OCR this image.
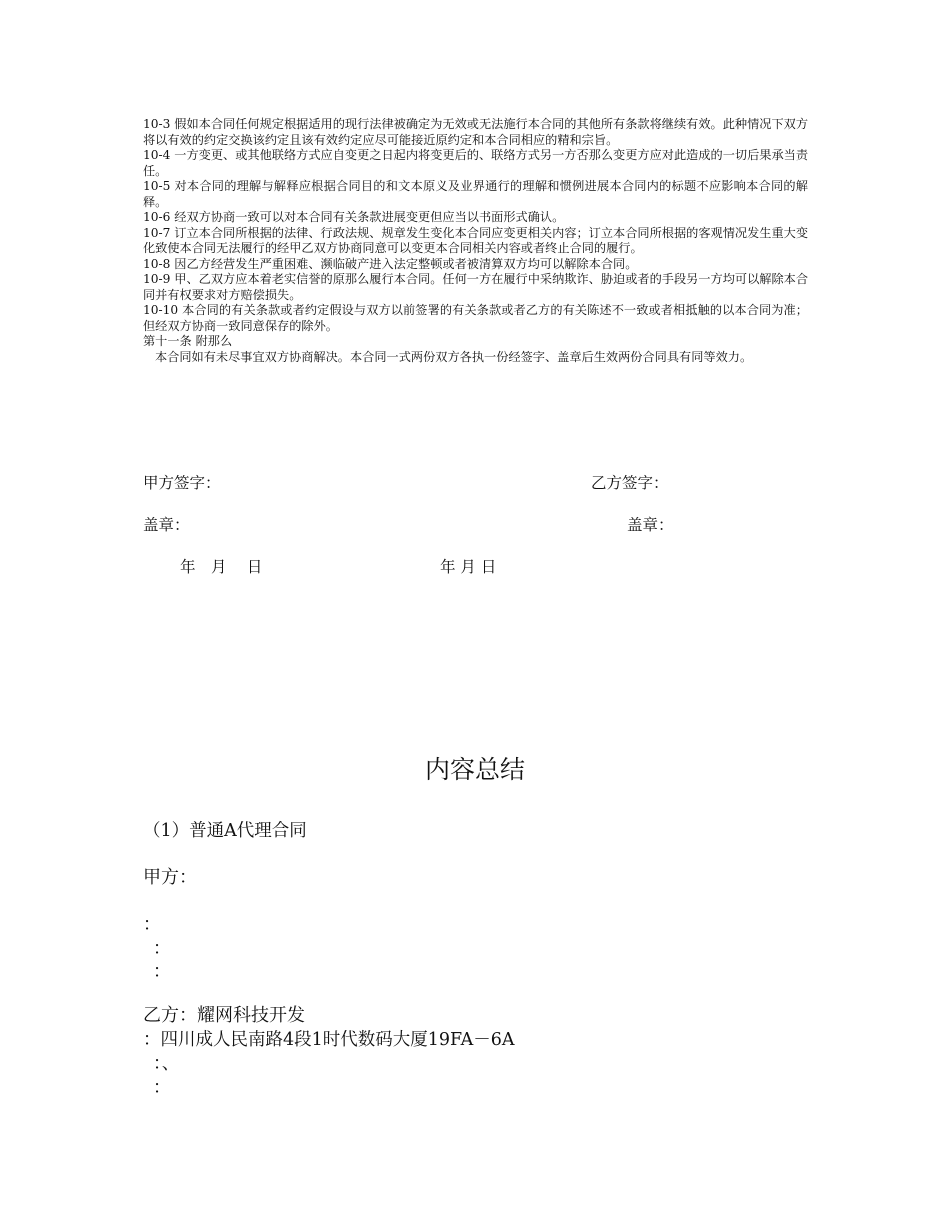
10-3 假如本合同任何规定根据适用的现行法律被确定为无效或无法施行本合同的其他所有条款将继续有效。此种情况下双方将以有效的约定交换该约定且该有效约定应尽可能接近原约定和本合同相应的精和宗旨。

10-4 一方变更、或其他联络方式应自变更之日起内将变更后的、联络方式另一方否那么变更方应对此造成的一切后果承当责任。

10-5 对本合同的理解与解释应根据合同目的和文本原义及业界通行的理解和惯例进展本合同内的标题不应影响本合同的解释。

10-6 经双方协商一致可以对本合同有关条款进展变更但应当以书面形式确认。

10-7 订立本合同所根据的法律、行政法规、规章发生变化本合同应变更相关内容；订立本合同所根据的客观情况发生重大变化致使本合同无法履行的经甲乙双方协商同意可以变更本合同相关内容或者终止合同的履行。

10-8 因乙方经营发生严重困难、濒临破产进入法定整顿或者被清算双方均可以解除本合同。

10-9 甲、乙双方应本着老实信誉的原那么履行本合同。任何一方在履行中采纳欺诈、胁迫或者的手段另一方均可以解除本合同并有权要求对方赔偿损失。

10-10 本合同的有关条款或者约定假设与双方以前签署的有关条款或者乙方的有关陈述不一致或者相抵触的以本合同为准；但经双方协商一致同意保存的除外。

第十一条 附那么

本合同如有未尽事宜双方协商解决。本合同一式两份双方各执一份经签字、盖章后生效两份合同具有同等效力。

甲方签字：	乙方签字：
盖章：	盖章：
年　月　 日	年 月 日
内容总结
（1）普通A代理合同
甲方：
：
：
：
乙方：耀网科技开发
：四川成人民南路4段1时代数码大厦19FA－6A
：、
：
